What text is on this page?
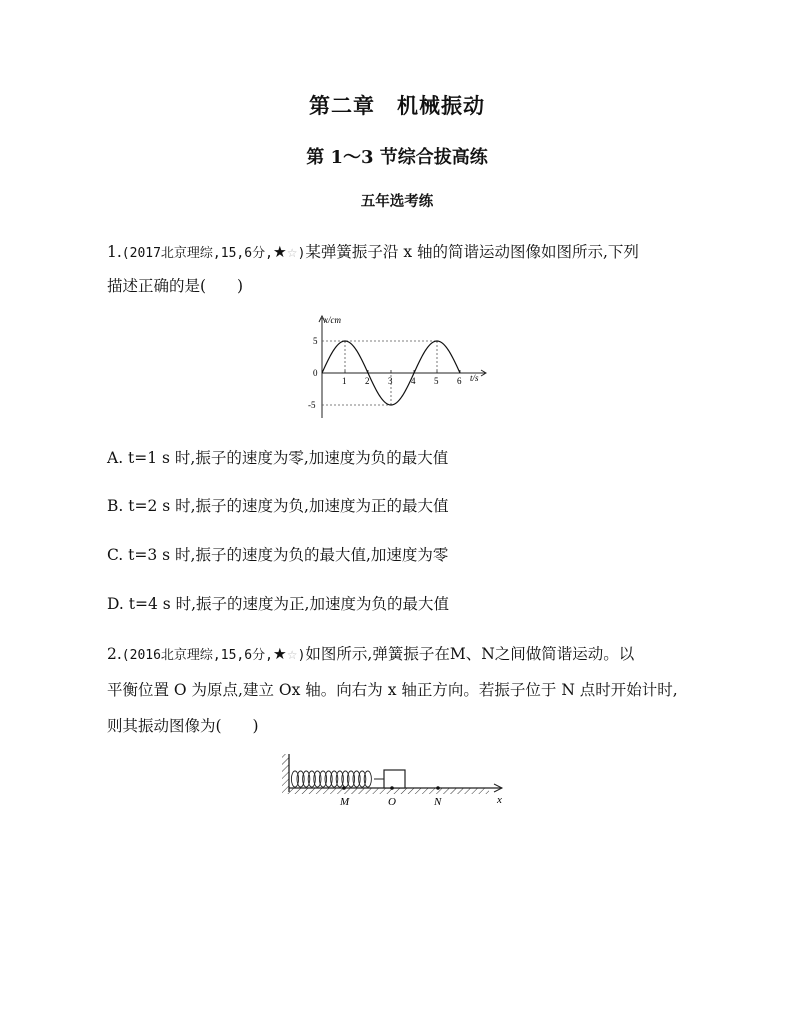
第二章　机械振动
第 1～3 节综合拔高练
五年选考练
1.(2017北京理综,15,6分,★☆)某弹簧振子沿 x 轴的简谐运动图像如图所示,下列
描述正确的是(　　)
1 2 3 4 5 6
5
-5
0
x/cm
t/s
A. t=1 s 时,振子的速度为零,加速度为负的最大值
B. t=2 s 时,振子的速度为负,加速度为正的最大值
C. t=3 s 时,振子的速度为负的最大值,加速度为零
D. t=4 s 时,振子的速度为正,加速度为负的最大值
2.(2016北京理综,15,6分,★☆)如图所示,弹簧振子在M、N之间做简谐运动。以
平衡位置 O 为原点,建立 Ox 轴。向右为 x 轴正方向。若振子位于 N 点时开始计时,
则其振动图像为(　　)
M	O	N	x
